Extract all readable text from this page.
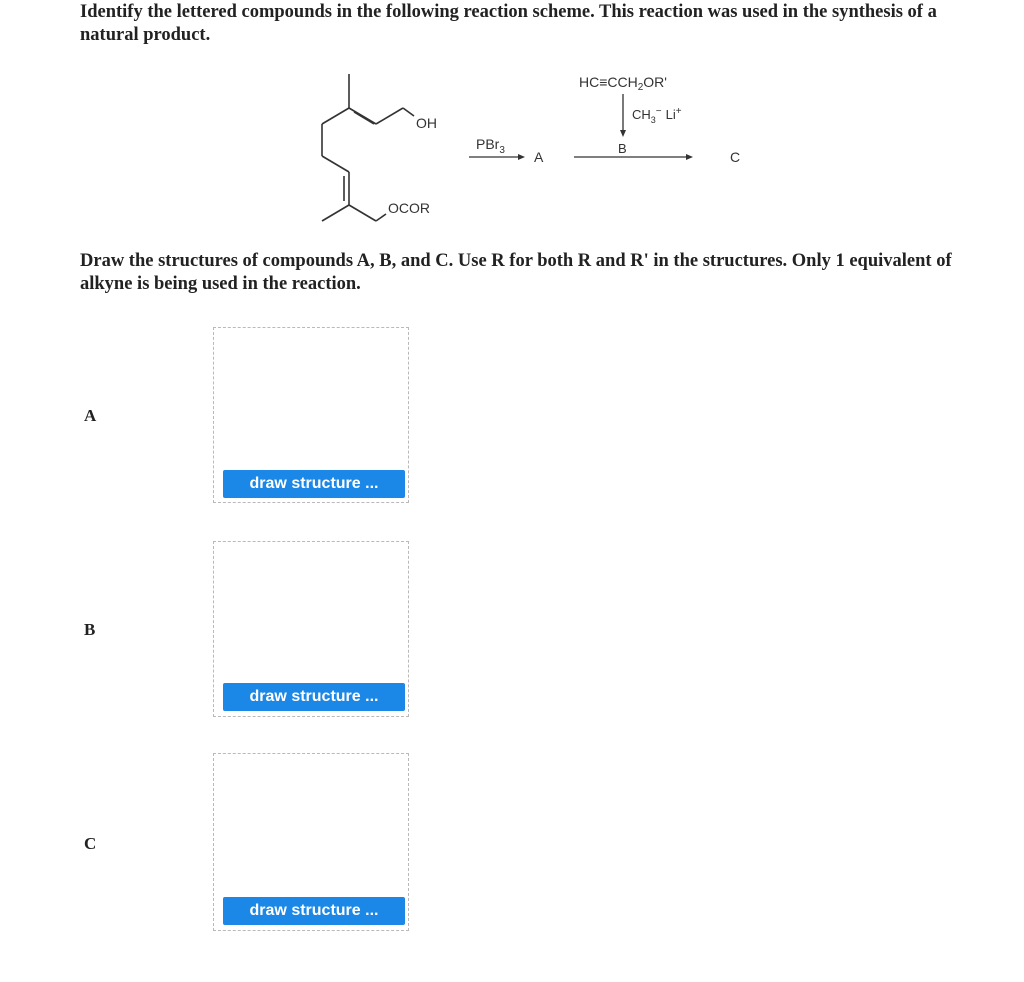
Identify the lettered compounds in the following reaction scheme. This reaction was used in the synthesis of a natural product.
OH
OCOR
PBr$_3$ A
$HC\equiv CCH_2OR'$
$CH_3^-$ Li+
B
C
Draw the structures of compounds A, B, and C. Use R for both R and R' in the structures. Only 1 equivalent of alkyne is being used in the reaction.
A
draw structure ...
B
draw structure ...
C
draw structure ...
